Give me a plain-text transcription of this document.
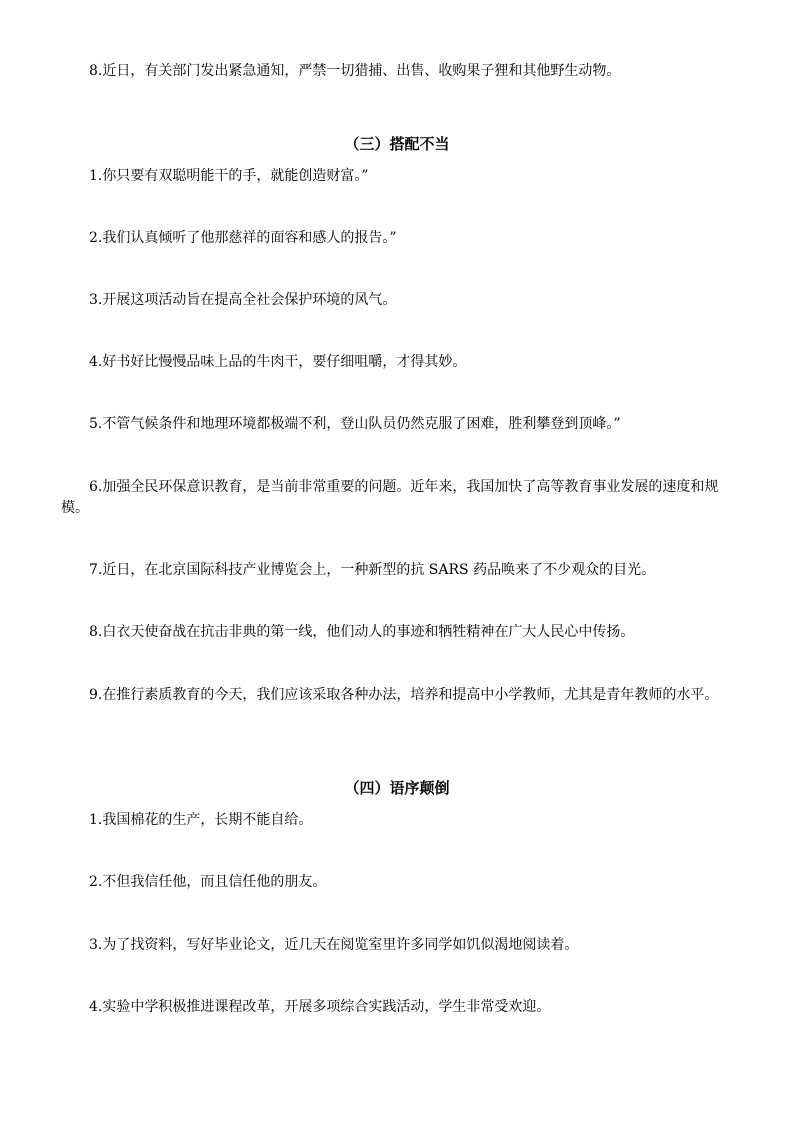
8.近日，有关部门发出紧急通知，严禁一切猎捕、出售、收购果子狸和其他野生动物。

（三）搭配不当

1.你只要有双聪明能干的手，就能创造财富。”

2.我们认真倾听了他那慈祥的面容和感人的报告。”

3.开展这项活动旨在提高全社会保护环境的风气。

4.好书好比慢慢品味上品的牛肉干，要仔细咀嚼，才得其妙。

5.不管气候条件和地理环境都极端不利，登山队员仍然克服了困难，胜利攀登到顶峰。”

6.加强全民环保意识教育，是当前非常重要的问题。近年来，我国加快了高等教育事业发展的速度和规模。

7.近日，在北京国际科技产业博览会上，一种新型的抗 SARS 药品唤来了不少观众的目光。

8.白衣天使奋战在抗击非典的第一线，他们动人的事迹和牺牲精神在广大人民心中传扬。

9.在推行素质教育的今天，我们应该采取各种办法，培养和提高中小学教师，尤其是青年教师的水平。

（四）语序颠倒

1.我国棉花的生产，长期不能自给。

2.不但我信任他，而且信任他的朋友。

3.为了找资料，写好毕业论文，近几天在阅览室里许多同学如饥似渴地阅读着。

4.实验中学积极推进课程改革，开展多项综合实践活动，学生非常受欢迎。
